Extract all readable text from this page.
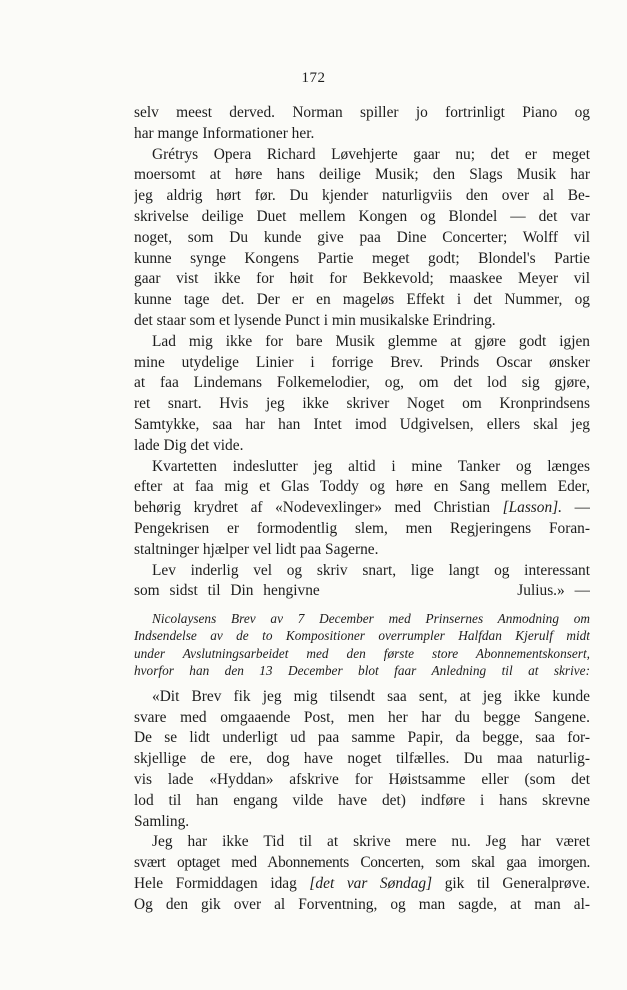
172
selv meest derved. Norman spiller jo fortrinligt Piano og
har mange Informationer her.
Grétrys Opera Richard Løvehjerte gaar nu; det er meget
moersomt at høre hans deilige Musik; den Slags Musik har
jeg aldrig hørt før. Du kjender naturligviis den over al Be-
skrivelse deilige Duet mellem Kongen og Blondel — det var
noget, som Du kunde give paa Dine Concerter; Wolff vil
kunne synge Kongens Partie meget godt; Blondel's Partie
gaar vist ikke for høit for Bekkevold; maaskee Meyer vil
kunne tage det. Der er en mageløs Effekt i det Nummer, og
det staar som et lysende Punct i min musikalske Erindring.
Lad mig ikke for bare Musik glemme at gjøre godt igjen
mine utydelige Linier i forrige Brev. Prinds Oscar ønsker
at faa Lindemans Folkemelodier, og, om det lod sig gjøre,
ret snart. Hvis jeg ikke skriver Noget om Kronprindsens
Samtykke, saa har han Intet imod Udgivelsen, ellers skal jeg
lade Dig det vide.
Kvartetten indeslutter jeg altid i mine Tanker og længes
efter at faa mig et Glas Toddy og høre en Sang mellem Eder,
behørig krydret af «Nodevexlinger» med Christian [Lasson]. —
Pengekrisen er formodentlig slem, men Regjeringens Foran-
staltninger hjælper vel lidt paa Sagerne.
Lev inderlig vel og skriv snart, lige langt og interessant
som sidst til Din hengivne                    Julius.» —
Nicolaysens Brev av 7 December med Prinsernes Anmodning om
Indsendelse av de to Kompositioner overrumpler Halfdan Kjerulf midt
under Avslutningsarbeidet med den første store Abonnementskonsert,
hvorfor han den 13 December blot faar Anledning til at skrive:
«Dit Brev fik jeg mig tilsendt saa sent, at jeg ikke kunde
svare med omgaaende Post, men her har du begge Sangene.
De se lidt underligt ud paa samme Papir, da begge, saa for-
skjellige de ere, dog have noget tilfælles. Du maa naturlig-
vis lade «Hyddan» afskrive for Høistsamme eller (som det
lod til han engang vilde have det) indføre i hans skrevne
Samling.
Jeg har ikke Tid til at skrive mere nu. Jeg har været
svært optaget med Abonnements Concerten, som skal gaa imorgen.
Hele Formiddagen idag [det var Søndag] gik til Generalprøve.
Og den gik over al Forventning, og man sagde, at man al-
